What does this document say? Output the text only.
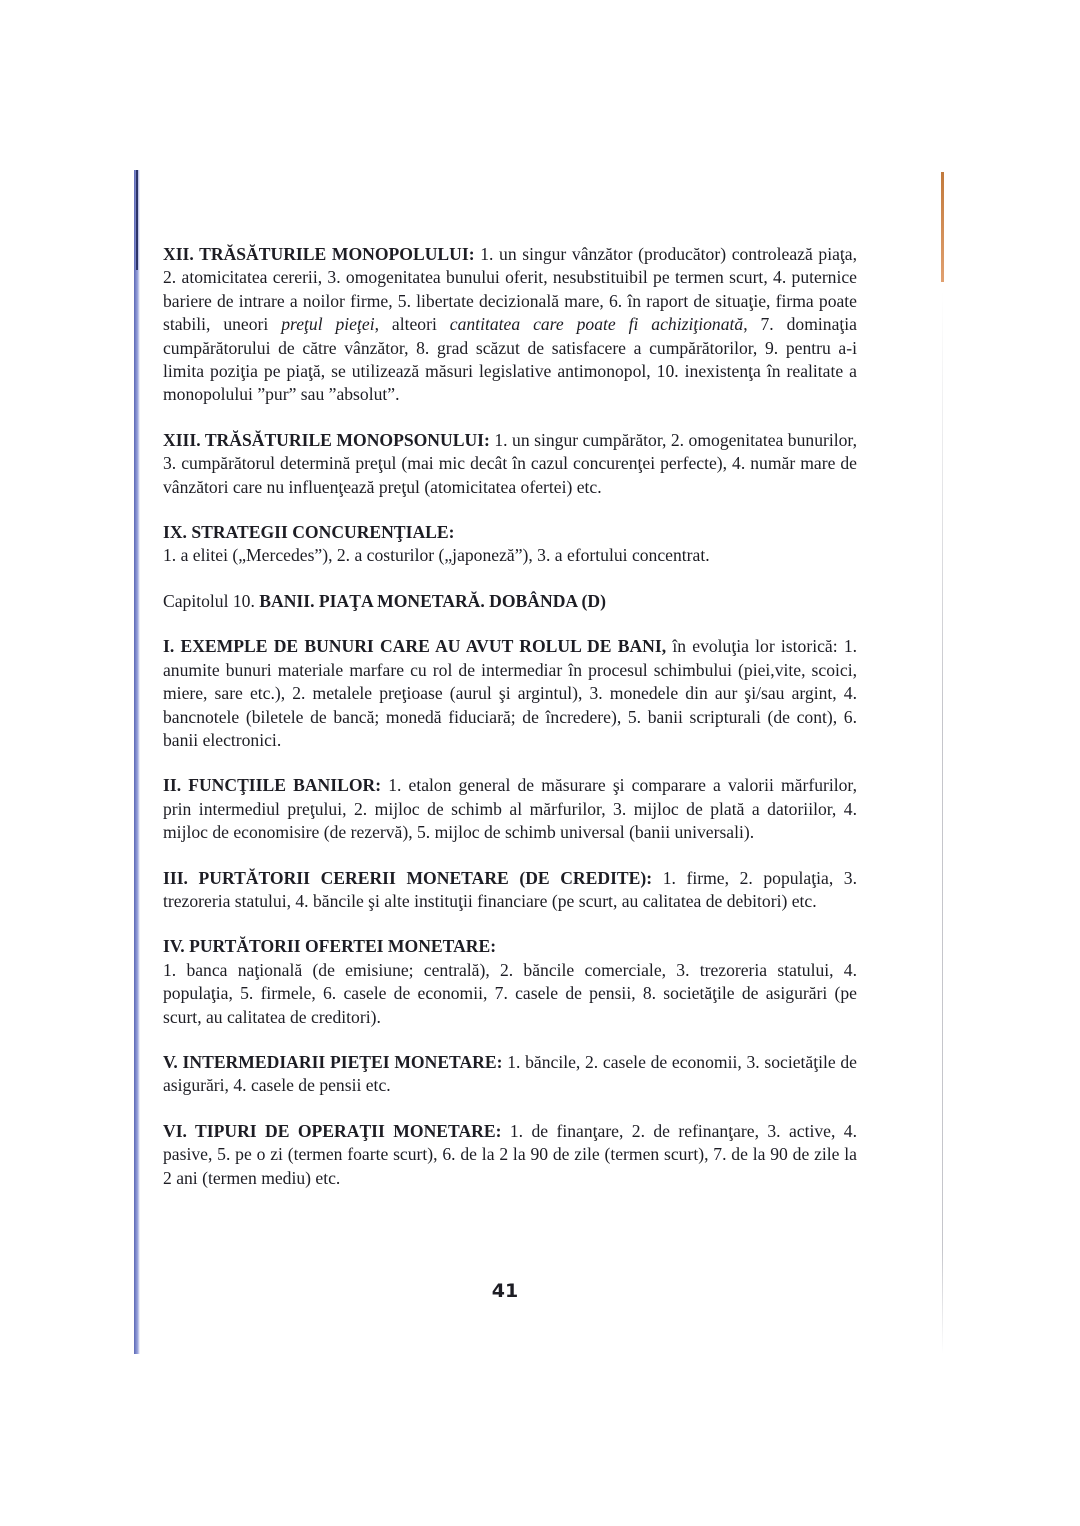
XII. TRĂSĂTURILE MONOPOLULUI: 1. un singur vânzător (producător) controlează piaţa, 2. atomicitatea cererii, 3. omogenitatea bunului oferit, nesubstituibil pe termen scurt, 4. puternice bariere de intrare a noilor firme, 5. libertate decizională mare, 6. în raport de situaţie, firma poate stabili, uneori preţul pieţei, alteori cantitatea care poate fi achiziţionată, 7. dominaţia cumpărătorului de către vânzător, 8. grad scăzut de satisfacere a cumpărătorilor, 9. pentru a-i limita poziţia pe piaţă, se utilizează măsuri legislative antimonopol, 10. inexistenţa în realitate a monopolului ”pur” sau ”absolut”.

XIII. TRĂSĂTURILE MONOPSONULUI: 1. un singur cumpărător, 2. omogenitatea bunurilor, 3. cumpărătorul determină preţul (mai mic decât în cazul concurenţei perfecte), 4. număr mare de vânzători care nu influenţează preţul (atomicitatea ofertei) etc.

IX. STRATEGII CONCURENŢIALE:
1. a elitei („Mercedes”), 2. a costurilor („japoneză”), 3. a efortului concentrat.

Capitolul 10. BANII. PIAŢA MONETARĂ. DOBÂNDA (D)

I. EXEMPLE DE BUNURI CARE AU AVUT ROLUL DE BANI, în evoluţia lor istorică: 1. anumite bunuri materiale marfare cu rol de intermediar în procesul schimbului (piei,vite, scoici, miere, sare etc.), 2. metalele preţioase (aurul şi argintul), 3. monedele din aur şi/sau argint, 4. bancnotele (biletele de bancă; monedă fiduciară; de încredere), 5. banii scripturali (de cont), 6. banii electronici.

II. FUNCŢIILE BANILOR: 1. etalon general de măsurare şi comparare a valorii mărfurilor, prin intermediul preţului, 2. mijloc de schimb al mărfurilor, 3. mijloc de plată a datoriilor, 4. mijloc de economisire (de rezervă), 5. mijloc de schimb universal (banii universali).

III. PURTĂTORII CERERII MONETARE (DE CREDITE): 1. firme, 2. populaţia, 3. trezoreria statului, 4. băncile şi alte instituţii financiare (pe scurt, au calitatea de debitori) etc.

IV. PURTĂTORII OFERTEI MONETARE:
1. banca naţională (de emisiune; centrală), 2. băncile comerciale, 3. trezoreria statului, 4. populaţia, 5. firmele, 6. casele de economii, 7. casele de pensii, 8. societăţile de asigurări (pe scurt, au calitatea de creditori).

V. INTERMEDIARII PIEŢEI MONETARE: 1. băncile, 2. casele de economii, 3. societăţile de asigurări, 4. casele de pensii etc.

VI. TIPURI DE OPERAŢII MONETARE: 1. de finanţare, 2. de refinanţare, 3. active, 4. pasive, 5. pe o zi (termen foarte scurt), 6. de la 2 la 90 de zile (termen scurt), 7. de la 90 de zile la 2 ani (termen mediu) etc.

41
